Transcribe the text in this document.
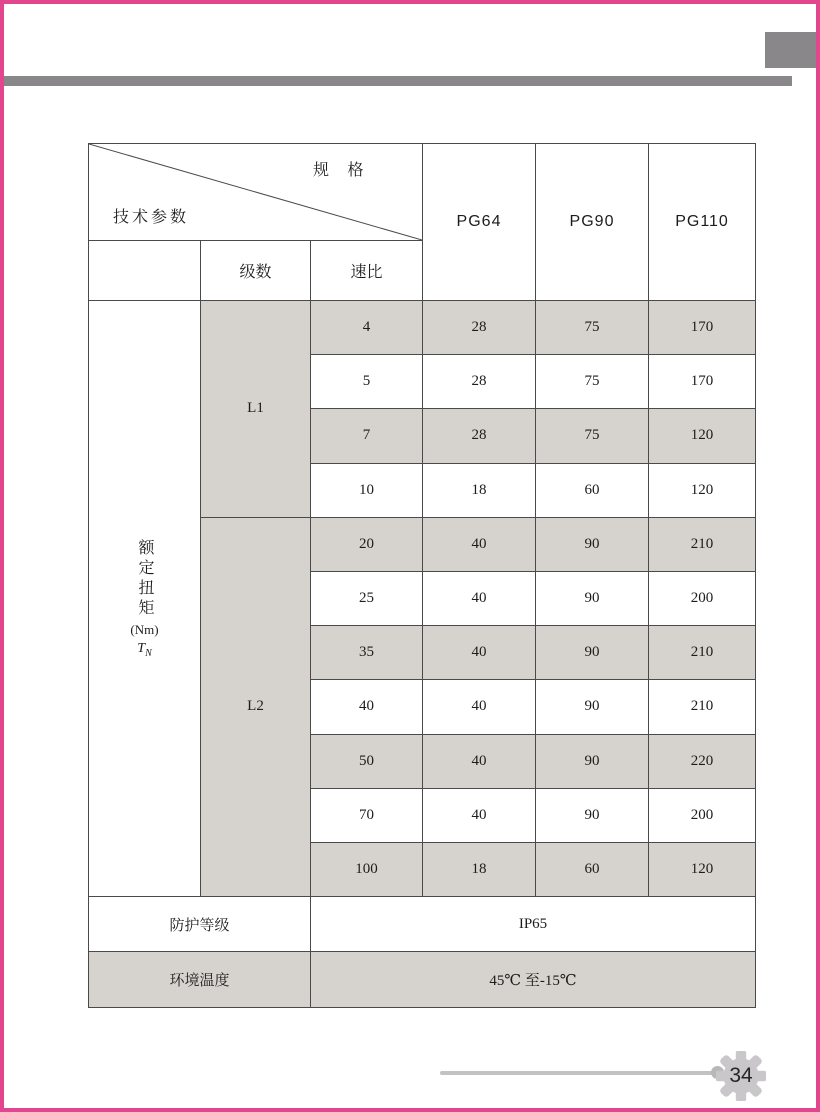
规 格
技术参数			PG64	PG90	PG110
	级数	速比			

额定扭矩
(Nm)
$T_N$	L1	4	28	75	170
		5	28	75	170
		7	28	75	120
		10	18	60	120
	L2	20	40	90	210
		25	40	90	200
		35	40	90	210
		40	40	90	210
		50	40	90	220
		70	40	90	200
		100	18	60	120
防护等级		IP65			
环境温度		45℃ 至-15℃			
34
